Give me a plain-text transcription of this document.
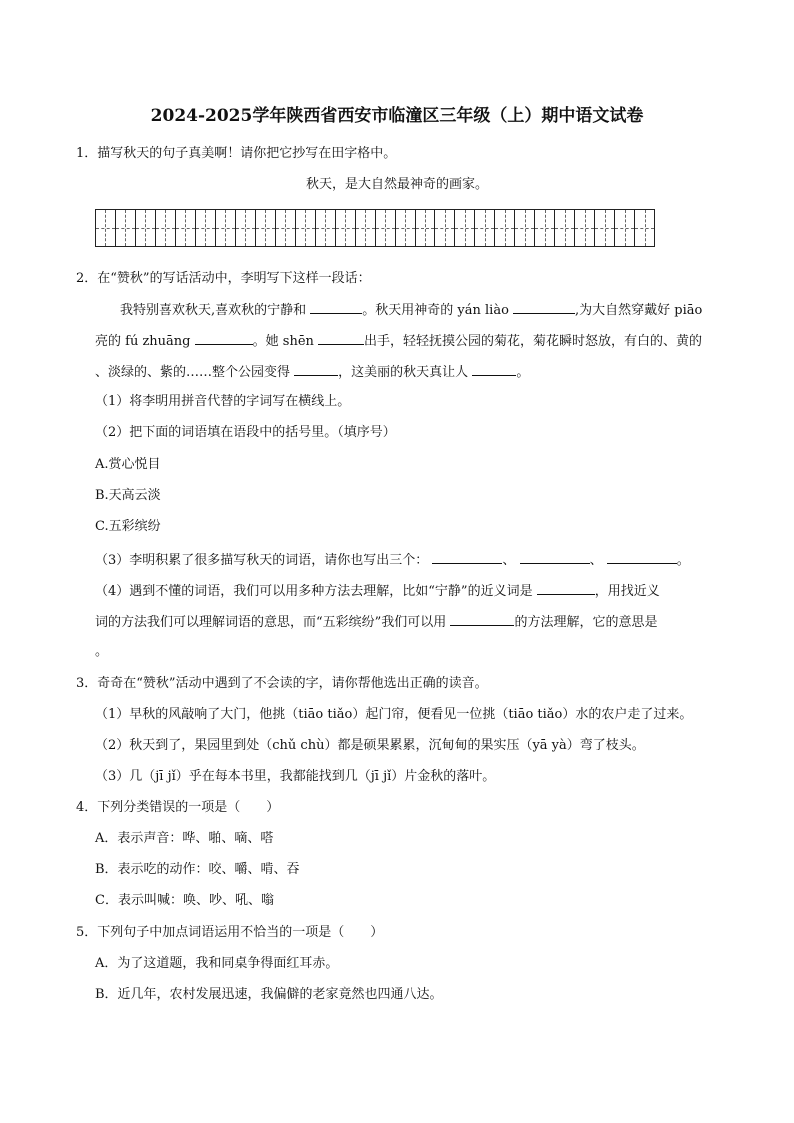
2024-2025学年陕西省西安市临潼区三年级（上）期中语文试卷
1．描写秋天的句子真美啊！请你把它抄写在田字格中。
秋天，是大自然最神奇的画家。
2．在“赞秋”的写话活动中，李明写下这样一段话：
我特别喜欢秋天,喜欢秋的宁静和	。秋天用神奇的 yán liào	,为大自然穿戴好 piāo
亮的 fú zhuāng	。她 shēn	出手，轻轻抚摸公园的菊花，菊花瞬时怒放，有白的、黄的
、淡绿的、紫的……整个公园变得	，这美丽的秋天真让人	。
（1）将李明用拼音代替的字词写在横线上。
（2）把下面的词语填在语段中的括号里。（填序号）
A.赏心悦目
B.天高云淡
C.五彩缤纷
（3）李明积累了很多描写秋天的词语，请你也写出三个：	、	、	。
（4）遇到不懂的词语，我们可以用多种方法去理解，比如“宁静”的近义词是	，用找近义
词的方法我们可以理解词语的意思，而“五彩缤纷”我们可以用	的方法理解，它的意思是
。
3．奇奇在“赞秋”活动中遇到了不会读的字，请你帮他选出正确的读音。
（1）早秋的风敲响了大门，他挑（tiāo tiǎo）起门帘，便看见一位挑（tiāo tiǎo）水的农户走了过来。
（2）秋天到了，果园里到处（chǔ chù）都是硕果累累，沉甸甸的果实压（yā yà）弯了枝头。
（3）几（jī jǐ）乎在每本书里，我都能找到几（jī jǐ）片金秋的落叶。
4．下列分类错误的一项是（　　）
A．表示声音：哗、啪、嘀、嗒
B．表示吃的动作：咬、嚼、啃、吞
C．表示叫喊：唤、吵、吼、嗡
5．下列句子中加点词语运用不恰当的一项是（　　）
A．为了这道题，我和同桌争得面红耳赤。
B．近几年，农村发展迅速，我偏僻的老家竟然也四通八达。
